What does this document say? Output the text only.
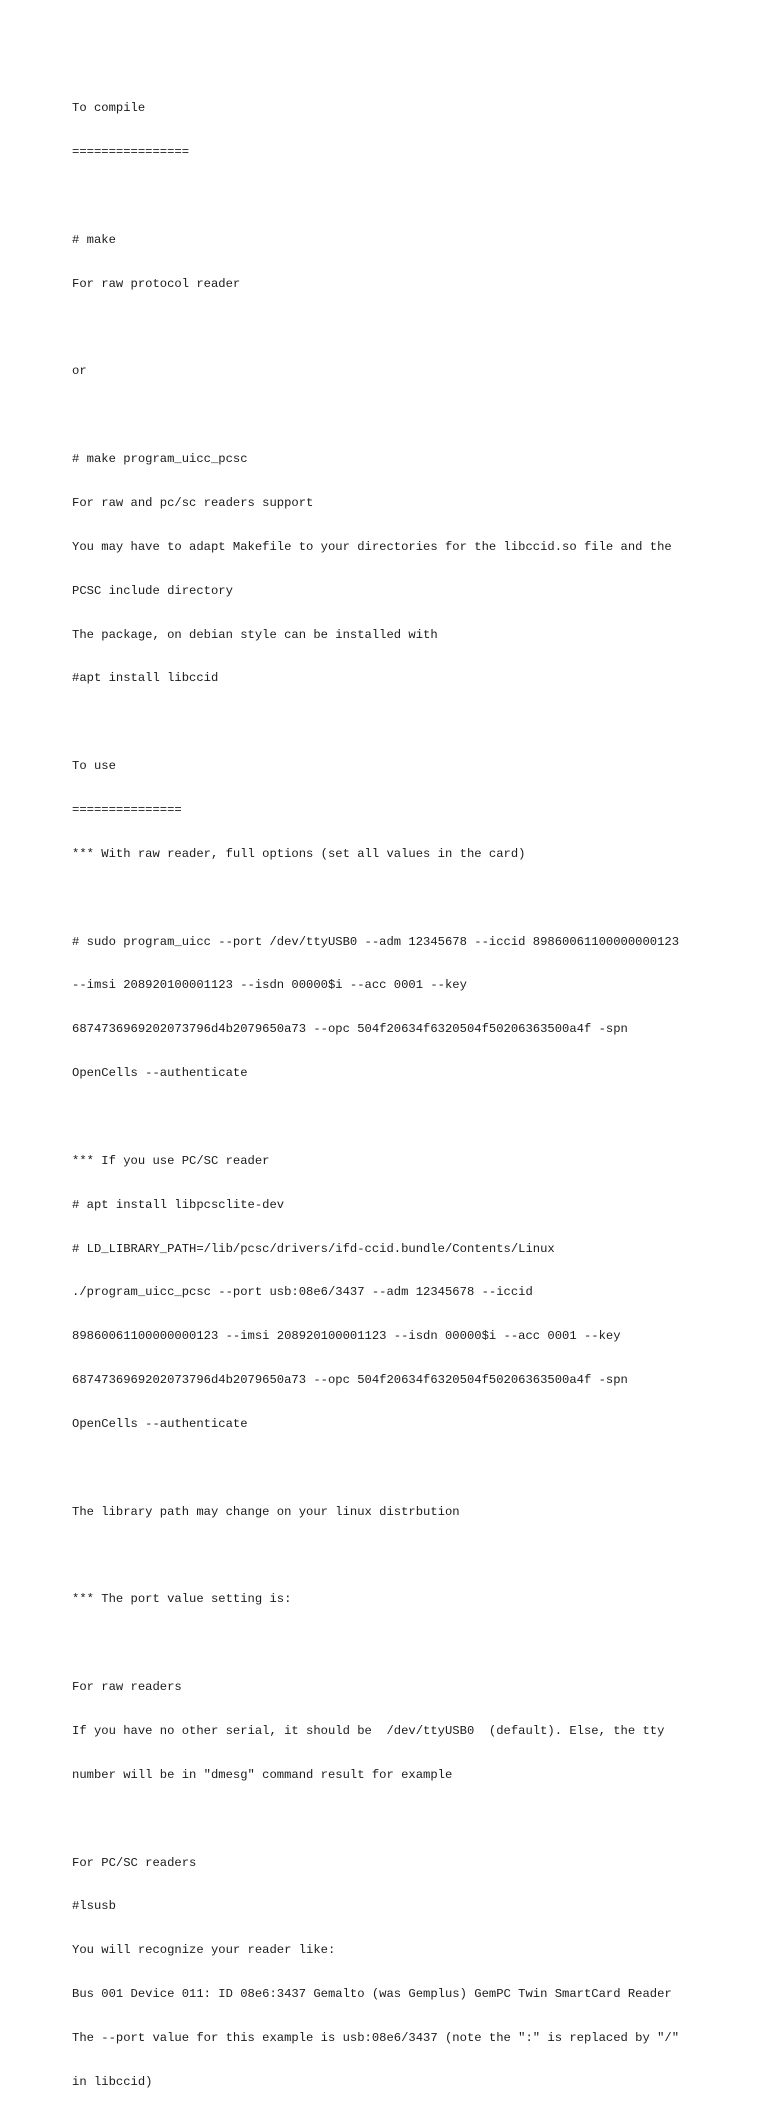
To compile

================

# make

For raw protocol reader

or

# make program_uicc_pcsc

For raw and pc/sc readers support

You may have to adapt Makefile to your directories for the libccid.so file and the

PCSC include directory

The package, on debian style can be installed with

#apt install libccid

To use

===============

*** With raw reader, full options (set all values in the card)

# sudo program_uicc --port /dev/ttyUSB0 --adm 12345678 --iccid 89860061100000000123

--imsi 208920100001123 --isdn 00000$i --acc 0001 --key

6874736969202073796d4b2079650a73 --opc 504f20634f6320504f50206363500a4f -spn

OpenCells --authenticate

*** If you use PC/SC reader

# apt install libpcsclite-dev

# LD_LIBRARY_PATH=/lib/pcsc/drivers/ifd-ccid.bundle/Contents/Linux

./program_uicc_pcsc --port usb:08e6/3437 --adm 12345678 --iccid

89860061100000000123 --imsi 208920100001123 --isdn 00000$i --acc 0001 --key

6874736969202073796d4b2079650a73 --opc 504f20634f6320504f50206363500a4f -spn

OpenCells --authenticate

The library path may change on your linux distrbution

*** The port value setting is:

For raw readers

If you have no other serial, it should be  /dev/ttyUSB0  (default). Else, the tty

number will be in "dmesg" command result for example

For PC/SC readers

#lsusb

You will recognize your reader like:

Bus 001 Device 011: ID 08e6:3437 Gemalto (was Gemplus) GemPC Twin SmartCard Reader

The --port value for this example is usb:08e6/3437 (note the ":" is replaced by "/"

in libccid)
